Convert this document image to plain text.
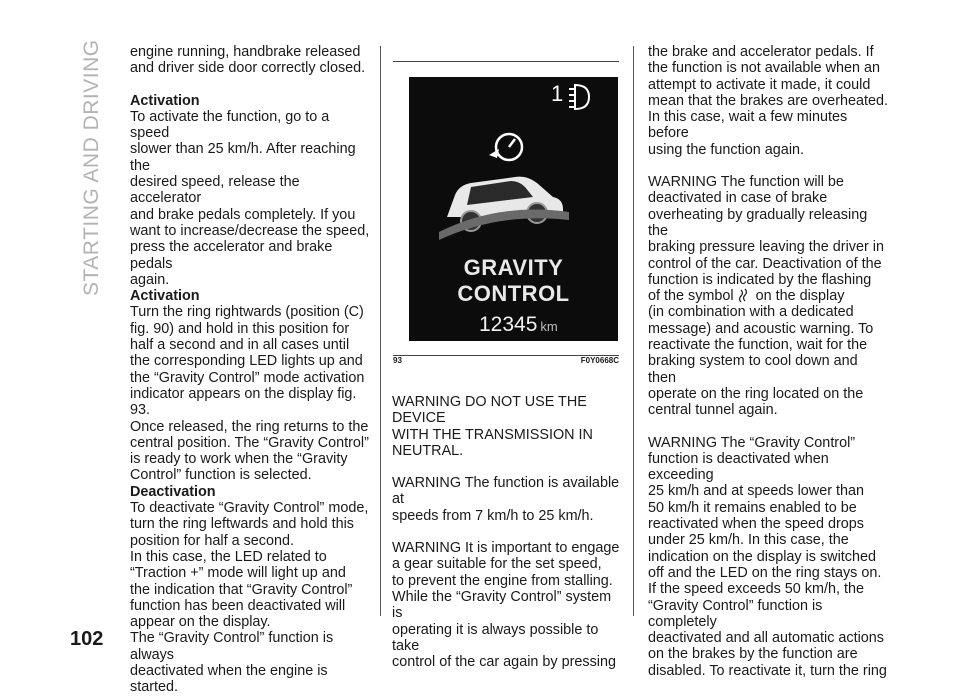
STARTING AND DRIVING
102

engine running, handbrake released
and driver side door correctly closed.

Activation

To activate the function, go to a speed
slower than 25 km/h. After reaching the
desired speed, release the accelerator
and brake pedals completely. If you
want to increase/decrease the speed,
press the accelerator and brake pedals
again.

Activation

Turn the ring rightwards (position (C)
fig. 90) and hold in this position for
half a second and in all cases until
the corresponding LED lights up and
the “Gravity Control” mode activation
indicator appears on the display fig. 93.
Once released, the ring returns to the
central position. The “Gravity Control”
is ready to work when the “Gravity
Control” function is selected.

Deactivation

To deactivate “Gravity Control” mode,
turn the ring leftwards and hold this
position for half a second.
In this case, the LED related to
“Traction +” mode will light up and
the indication that “Gravity Control”
function has been deactivated will
appear on the display.
The “Gravity Control” function is always
deactivated when the engine is started.

1
GRAVITY CONTROL
12345 km
93	F0Y0668C

WARNING DO NOT USE THE DEVICE
WITH THE TRANSMISSION IN
NEUTRAL.

WARNING The function is available at
speeds from 7 km/h to 25 km/h.

WARNING It is important to engage
a gear suitable for the set speed,
to prevent the engine from stalling.
While the “Gravity Control” system is
operating it is always possible to take
control of the car again by pressing

the brake and accelerator pedals. If
the function is not available when an
attempt to activate it made, it could
mean that the brakes are overheated.
In this case, wait a few minutes before
using the function again.

WARNING The function will be
deactivated in case of brake
overheating by gradually releasing the
braking pressure leaving the driver in
control of the car. Deactivation of the
function is indicated by the flashing
of the symbol on the display
(in combination with a dedicated
message) and acoustic warning. To
reactivate the function, wait for the
braking system to cool down and then
operate on the ring located on the
central tunnel again.

WARNING The “Gravity Control”
function is deactivated when exceeding
25 km/h and at speeds lower than
50 km/h it remains enabled to be
reactivated when the speed drops
under 25 km/h. In this case, the
indication on the display is switched
off and the LED on the ring stays on.
If the speed exceeds 50 km/h, the
“Gravity Control” function is completely
deactivated and all automatic actions
on the brakes by the function are
disabled. To reactivate it, turn the ring
